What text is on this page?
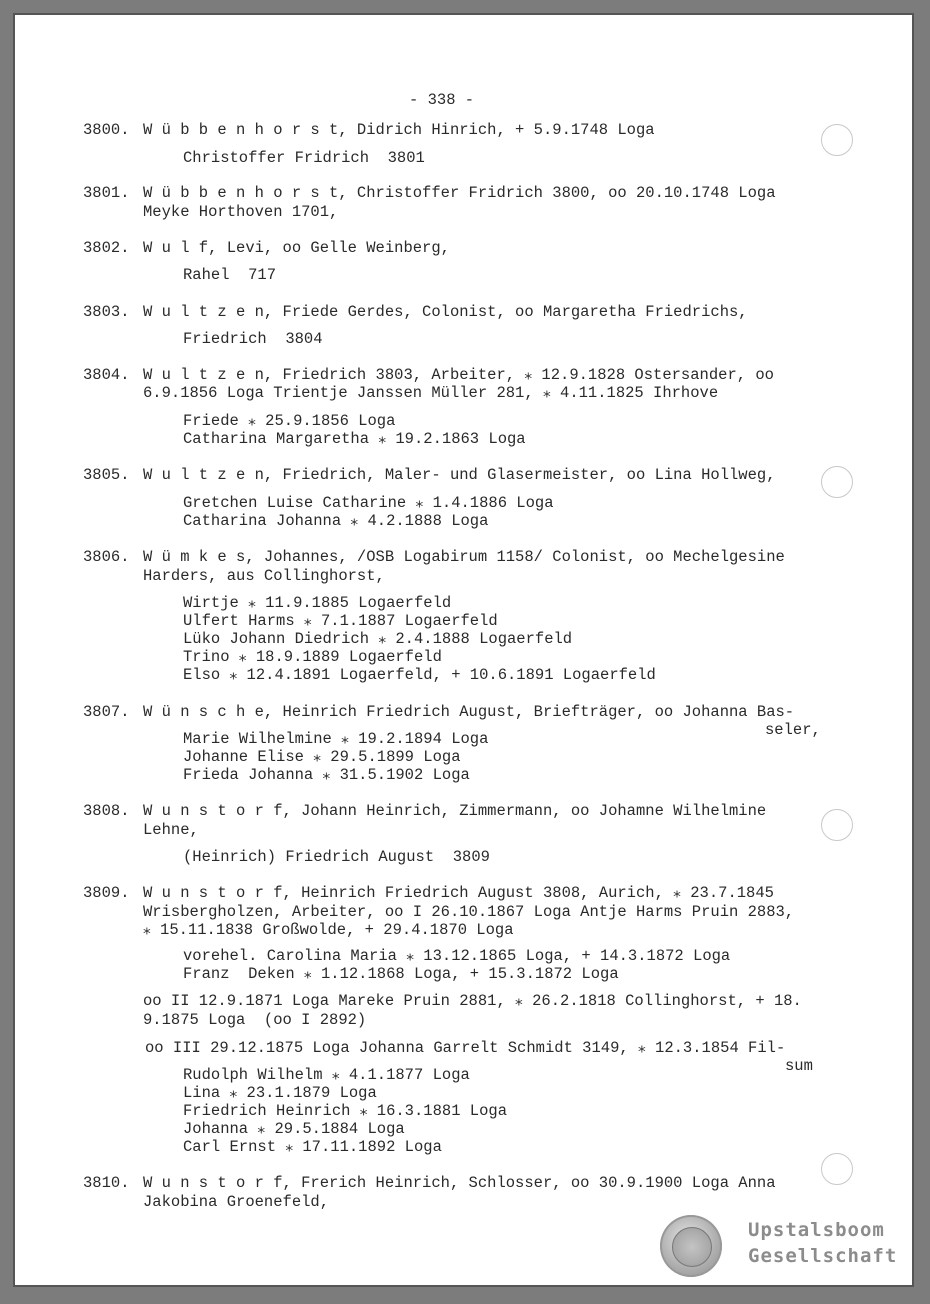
- 338 -
3800. W ü b b e n h o r s t, Didrich Hinrich, + 5.9.1748 Loga
Christoffer Fridrich  3801
3801. W ü b b e n h o r s t, Christoffer Fridrich 3800, oo 20.10.1748 Loga
Meyke Horthoven 1701,
3802. W u l f, Levi, oo Gelle Weinberg,
Rahel  717
3803. W u l t z e n, Friede Gerdes, Colonist, oo Margaretha Friedrichs,
Friedrich  3804
3804. W u l t z e n, Friedrich 3803, Arbeiter, ⁎ 12.9.1828 Ostersander, oo
6.9.1856 Loga Trientje Janssen Müller 281, ⁎ 4.11.1825 Ihrhove
Friede ⁎ 25.9.1856 Loga
Catharina Margaretha ⁎ 19.2.1863 Loga
3805. W u l t z e n, Friedrich, Maler- und Glasermeister, oo Lina Hollweg,
Gretchen Luise Catharine ⁎ 1.4.1886 Loga
Catharina Johanna ⁎ 4.2.1888 Loga
3806. W ü m k e s, Johannes, /OSB Logabirum 1158/ Colonist, oo Mechelgesine
Harders, aus Collinghorst,
Wirtje ⁎ 11.9.1885 Logaerfeld
Ulfert Harms ⁎ 7.1.1887 Logaerfeld
Lüko Johann Diedrich ⁎ 2.4.1888 Logaerfeld
Trino ⁎ 18.9.1889 Logaerfeld
Elso ⁎ 12.4.1891 Logaerfeld, + 10.6.1891 Logaerfeld
3807. W ü n s c h e, Heinrich Friedrich August, Briefträger, oo Johanna Bas-
seler,
Marie Wilhelmine ⁎ 19.2.1894 Loga
Johanne Elise ⁎ 29.5.1899 Loga
Frieda Johanna ⁎ 31.5.1902 Loga
3808. W u n s t o r f, Johann Heinrich, Zimmermann, oo Johamne Wilhelmine
Lehne,
(Heinrich) Friedrich August  3809
3809. W u n s t o r f, Heinrich Friedrich August 3808, Aurich, ⁎ 23.7.1845
Wrisbergholzen, Arbeiter, oo I 26.10.1867 Loga Antje Harms Pruin 2883,
⁎ 15.11.1838 Großwolde, + 29.4.1870 Loga
vorehel. Carolina Maria ⁎ 13.12.1865 Loga, + 14.3.1872 Loga
Franz  Deken ⁎ 1.12.1868 Loga, + 15.3.1872 Loga
oo II 12.9.1871 Loga Mareke Pruin 2881, ⁎ 26.2.1818 Collinghorst, + 18.
9.1875 Loga  (oo I 2892)
oo III 29.12.1875 Loga Johanna Garrelt Schmidt 3149, ⁎ 12.3.1854 Fil-
sum
Rudolph Wilhelm ⁎ 4.1.1877 Loga
Lina ⁎ 23.1.1879 Loga
Friedrich Heinrich ⁎ 16.3.1881 Loga
Johanna ⁎ 29.5.1884 Loga
Carl Ernst ⁎ 17.11.1892 Loga
3810. W u n s t o r f, Frerich Heinrich, Schlosser, oo 30.9.1900 Loga Anna
Jakobina Groenefeld,
Upstalsboom
Gesellschaft
